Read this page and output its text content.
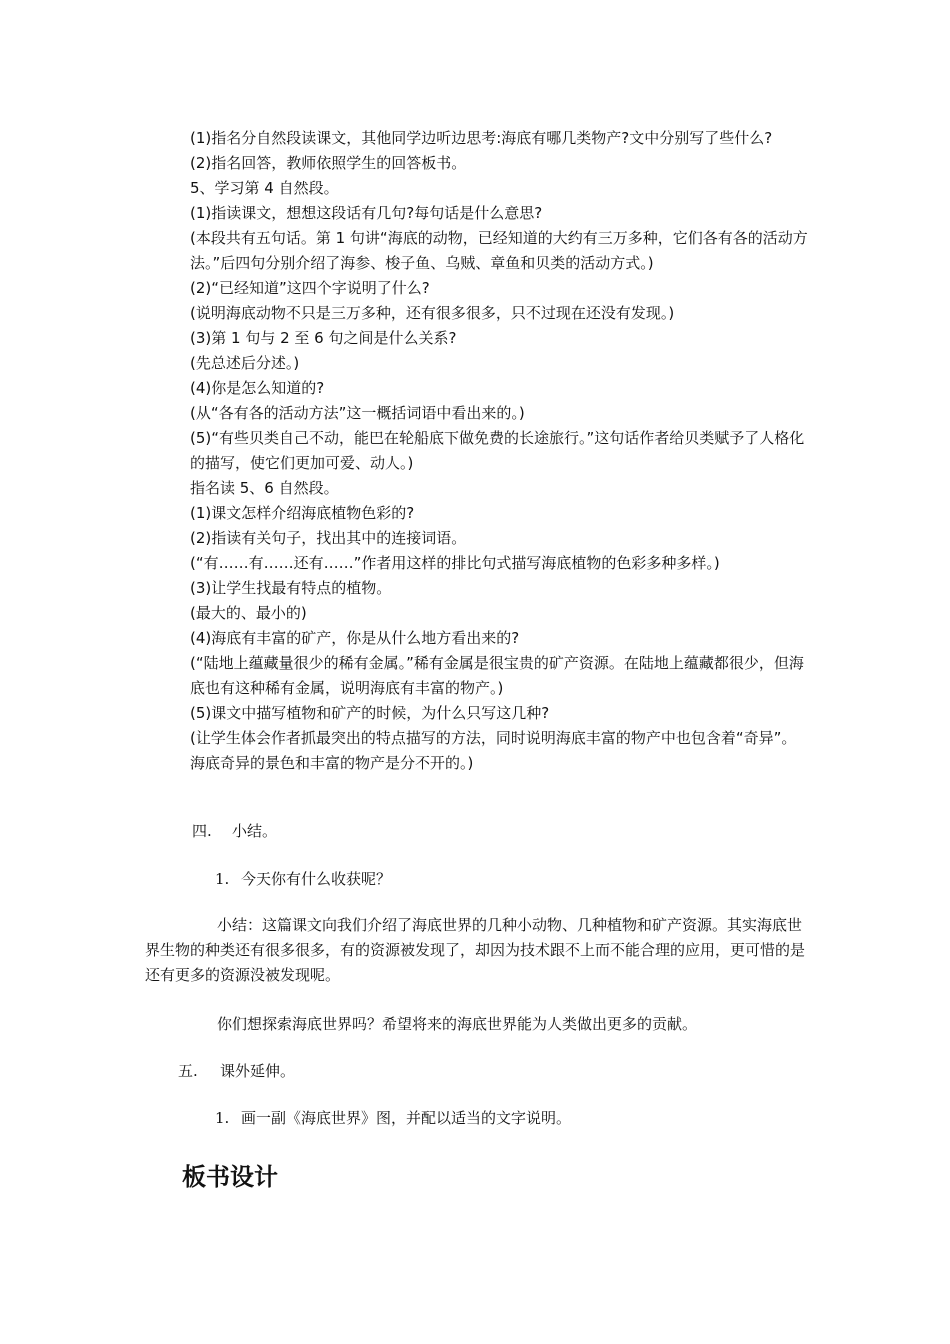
(1)指名分自然段读课文，其他同学边听边思考:海底有哪几类物产?文中分别写了些什么?

(2)指名回答，教师依照学生的回答板书。

5、学习第 4 自然段。

(1)指读课文，想想这段话有几句?每句话是什么意思?

(本段共有五句话。第 1 句讲“海底的动物，已经知道的大约有三万多种，它们各有各的活动方法。”后四句分别介绍了海参、梭子鱼、乌贼、章鱼和贝类的活动方式。)

(2)“已经知道”这四个字说明了什么?

(说明海底动物不只是三万多种，还有很多很多，只不过现在还没有发现。)

(3)第 1 句与 2 至 6 句之间是什么关系?

(先总述后分述。)

(4)你是怎么知道的?

(从“各有各的活动方法”这一概括词语中看出来的。)

(5)“有些贝类自己不动，能巴在轮船底下做免费的长途旅行。”这句话作者给贝类赋予了人格化的描写，使它们更加可爱、动人。)

指名读 5、6 自然段。

(1)课文怎样介绍海底植物色彩的?

(2)指读有关句子，找出其中的连接词语。

(“有……有……还有……”作者用这样的排比句式描写海底植物的色彩多种多样。)

(3)让学生找最有特点的植物。

(最大的、最小的)

(4)海底有丰富的矿产，你是从什么地方看出来的?

(“陆地上蕴藏量很少的稀有金属。”稀有金属是很宝贵的矿产资源。在陆地上蕴藏都很少，但海底也有这种稀有金属，说明海底有丰富的物产。)

(5)课文中描写植物和矿产的时候，为什么只写这几种?

(让学生体会作者抓最突出的特点描写的方法，同时说明海底丰富的物产中也包含着“奇异”。海底奇异的景色和丰富的物产是分不开的。)

四. 小结。

1. 今天你有什么收获呢？

小结：这篇课文向我们介绍了海底世界的几种小动物、几种植物和矿产资源。其实海底世界生物的种类还有很多很多，有的资源被发现了，却因为技术跟不上而不能合理的应用，更可惜的是还有更多的资源没被发现呢。

你们想探索海底世界吗？希望将来的海底世界能为人类做出更多的贡献。

五. 课外延伸。

1. 画一副《海底世界》图，并配以适当的文字说明。

板书设计
